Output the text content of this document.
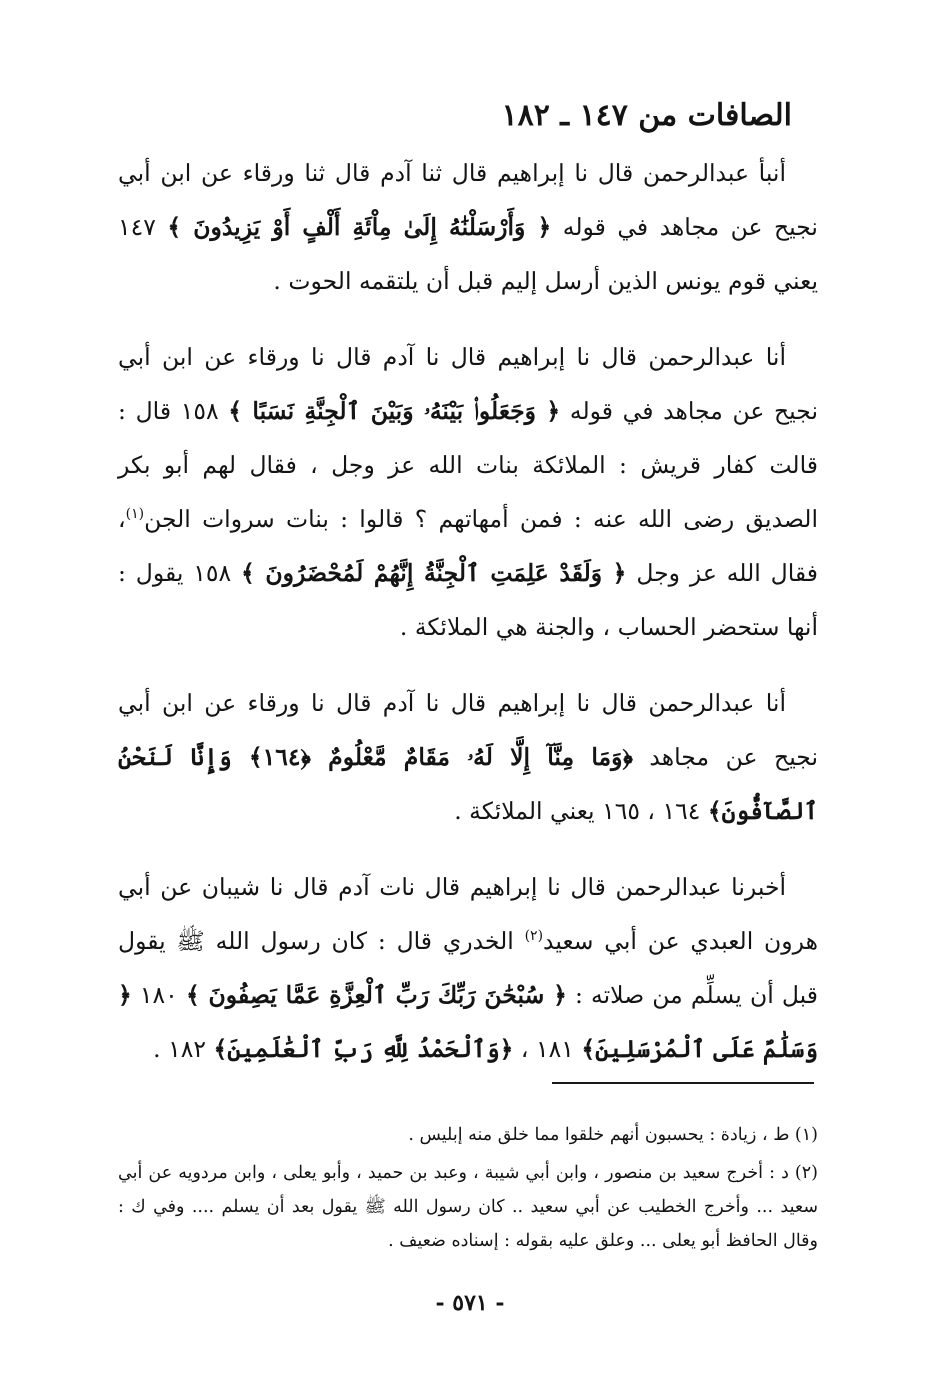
الصافات من ١٤٧ ـ ١٨٢

أنبأ عبدالرحمن قال نا إبراهيم قال ثنا آدم قال ثنا ورقاء عن ابن أبي نجيح عن مجاهد في قوله ﴿ وَأَرْسَلْنَٰهُ إِلَىٰ مِاْئَةِ أَلْفٍ أَوْ يَزِيدُونَ ﴾ ١٤٧ يعني قوم يونس الذين أرسل إليم قبل أن يلتقمه الحوت .

أنا عبدالرحمن قال نا إبراهيم قال نا آدم قال نا ورقاء عن ابن أبي نجيح عن مجاهد في قوله ﴿ وَجَعَلُوا۟ بَيْنَهُۥ وَبَيْنَ ٱلْجِنَّةِ نَسَبًا ﴾ ١٥٨ قال : قالت كفار قريش : الملائكة بنات الله عز وجل ، فقال لهم أبو بكر الصديق رضى الله عنه : فمن أمهاتهم ؟ قالوا : بنات سروات الجن$^{(١)}$، فقال الله عز وجل ﴿ وَلَقَدْ عَلِمَتِ ٱلْجِنَّةُ إِنَّهُمْ لَمُحْضَرُونَ ﴾ ١٥٨ يقول : أنها ستحضر الحساب ، والجنة هي الملائكة .

أنا عبدالرحمن قال نا إبراهيم قال نا آدم قال نا ورقاء عن ابن أبي نجيح عن مجاهد ﴿وَمَا مِنَّآ إِلَّا لَهُۥ مَقَامٌ مَّعْلُومٌ ﴿١٦٤﴾ وَإِنَّا لَنَحْنُ ٱلصَّآفُّونَ﴾ ١٦٤ ، ١٦٥ يعني الملائكة .

أخبرنا عبدالرحمن قال نا إبراهيم قال نات آدم قال نا شيبان عن أبي هرون العبدي عن أبي سعيد$^{(٢)}$ الخدري قال : كان رسول الله ﷺ يقول قبل أن يسلِّم من صلاته : ﴿ سُبْحَٰنَ رَبِّكَ رَبِّ ٱلْعِزَّةِ عَمَّا يَصِفُونَ ﴾ ١٨٠ ﴿ وَسَلَٰمٌ عَلَى ٱلْمُرْسَلِينَ﴾ ١٨١ ، ﴿وَٱلْحَمْدُ لِلَّهِ رَبِّ ٱلْعَٰلَمِينَ﴾ ١٨٢ .

(١) ط ، زيادة : يحسبون أنهم خلقوا مما خلق منه إبليس .

(٢) د : أخرج سعيد بن منصور ، وابن أبي شيبة ، وعبد بن حميد ، وأبو يعلى ، وابن مردويه عن أبي سعيد ... وأخرج الخطيب عن أبي سعيد .. كان رسول الله ﷺ يقول بعد أن يسلم .... وفي ك : وقال الحافظ أبو يعلى ... وعلق عليه بقوله : إسناده ضعيف .

- ٥٧١ -
